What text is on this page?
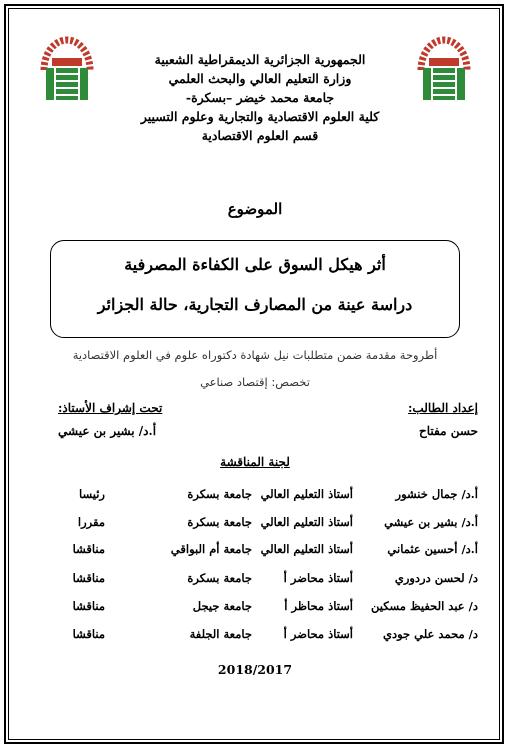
الجمهورية الجزائرية الديمقراطية الشعبية
وزارة التعليم العالي والبحث العلمي
جامعة محمد خيضر –بسكرة-
كلية العلوم الاقتصادية والتجارية وعلوم التسيير
قسم العلوم الاقتصادية
الموضوع
أثر هيكل السوق على الكفاءة المصرفية
دراسة عينة من المصارف التجارية، حالة الجزائر
أطروحة مقدمة ضمن متطلبات نيل شهادة دكتوراه علوم في العلوم الاقتصادية
تخصص: إقتصاد صناعي
إعداد الطالب:
تحت إشراف الأستاذ:
حسن مفتاح
أ.د/ بشير بن عيشي
لجنة المناقشة
أ.د/ جمال خنشور
أستاذ التعليم العالي
جامعة بسكرة
رئيسا
أ.د/ بشير بن عيشي
أستاذ التعليم العالي
جامعة بسكرة
مقررا
أ.د/ أحسين عثماني
أستاذ التعليم العالي
جامعة أم البواقي
مناقشا
د/ لحسن دردوري
أستاذ محاضر أ
جامعة بسكرة
مناقشا
د/ عبد الحفيظ مسكين
أستاذ محاظر أ
جامعة جيجل
مناقشا
د/ محمد علي جودي
أستاذ محاضر أ
جامعة الجلفة
مناقشا
2018/2017
